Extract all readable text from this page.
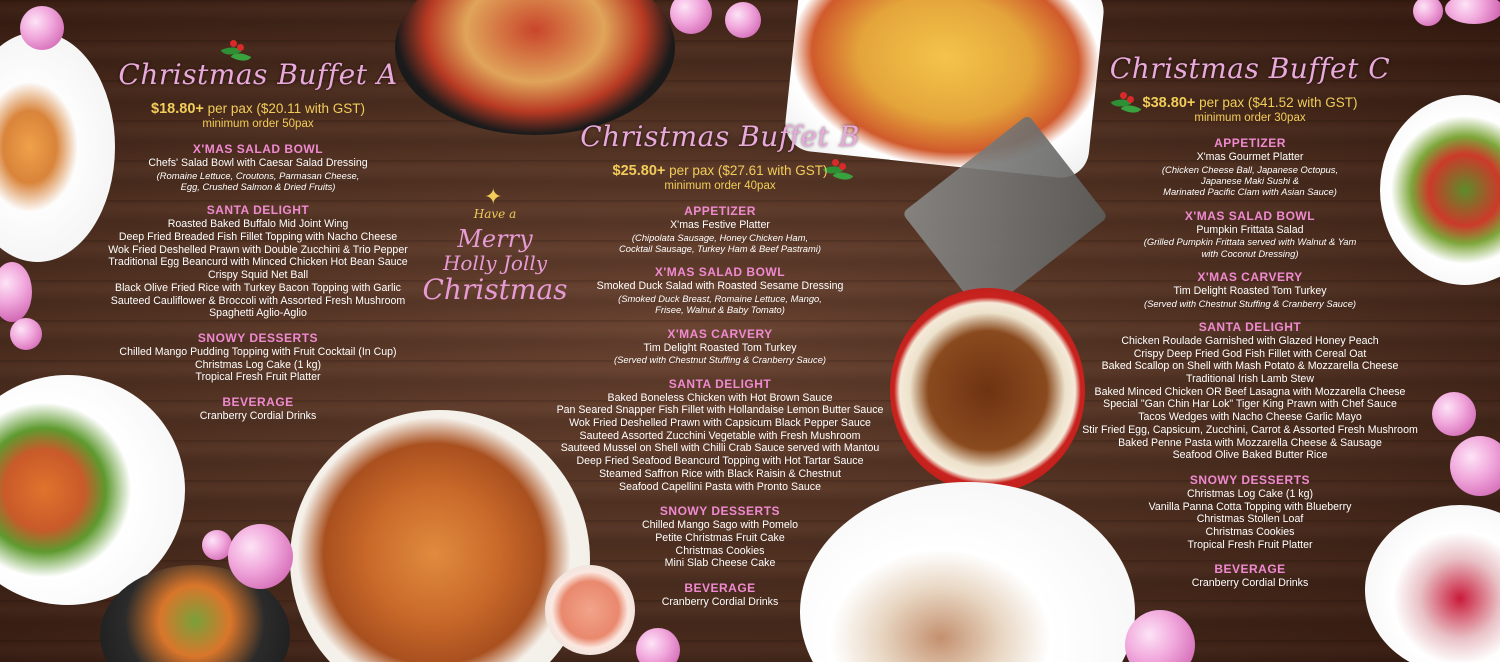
✦
Have a
Merry
Holly Jolly
Christmas
Christmas Buffet A
$18.80+ per pax ($20.11 with GST)
minimum order 50pax
X'MAS SALAD BOWL
Chefs' Salad Bowl with Caesar Salad Dressing
(Romaine Lettuce, Croutons, Parmasan Cheese,
Egg, Crushed Salmon & Dried Fruits)
SANTA DELIGHT
Roasted Baked Buffalo Mid Joint Wing
Deep Fried Breaded Fish Fillet Topping with Nacho Cheese
Wok Fried Deshelled Prawn with Double Zucchini & Trio Pepper
Traditional Egg Beancurd with Minced Chicken Hot Bean Sauce
Crispy Squid Net Ball
Black Olive Fried Rice with Turkey Bacon Topping with Garlic
Sauteed Cauliflower & Broccoli with Assorted Fresh Mushroom
Spaghetti Aglio-Aglio
SNOWY DESSERTS
Chilled Mango Pudding Topping with Fruit Cocktail (In Cup)
Christmas Log Cake (1 kg)
Tropical Fresh Fruit Platter
BEVERAGE
Cranberry Cordial Drinks
Christmas Buffet B
$25.80+ per pax ($27.61 with GST)
minimum order 40pax
APPETIZER
X'mas Festive Platter
(Chipolata Sausage, Honey Chicken Ham,
Cocktail Sausage, Turkey Ham & Beef Pastrami)
X'MAS SALAD BOWL
Smoked Duck Salad with Roasted Sesame Dressing
(Smoked Duck Breast, Romaine Lettuce, Mango,
Frisee, Walnut & Baby Tomato)
X'MAS CARVERY
Tim Delight Roasted Tom Turkey
(Served with Chestnut Stuffing & Cranberry Sauce)
SANTA DELIGHT
Baked Boneless Chicken with Hot Brown Sauce
Pan Seared Snapper Fish Fillet with Hollandaise Lemon Butter Sauce
Wok Fried Deshelled Prawn with Capsicum Black Pepper Sauce
Sauteed Assorted Zucchini Vegetable with Fresh Mushroom
Sauteed Mussel on Shell with Chilli Crab Sauce served with Mantou
Deep Fried Seafood Beancurd Topping with Hot Tartar Sauce
Steamed Saffron Rice with Black Raisin & Chestnut
Seafood Capellini Pasta with Pronto Sauce
SNOWY DESSERTS
Chilled Mango Sago with Pomelo
Petite Christmas Fruit Cake
Christmas Cookies
Mini Slab Cheese Cake
BEVERAGE
Cranberry Cordial Drinks
Christmas Buffet C
$38.80+ per pax ($41.52 with GST)
minimum order 30pax
APPETIZER
X'mas Gourmet Platter
(Chicken Cheese Ball, Japanese Octopus,
Japanese Maki Sushi &
Marinated Pacific Clam with Asian Sauce)
X'MAS SALAD BOWL
Pumpkin Frittata Salad
(Grilled Pumpkin Frittata served with Walnut & Yam
with Coconut Dressing)
X'MAS CARVERY
Tim Delight Roasted Tom Turkey
(Served with Chestnut Stuffing & Cranberry Sauce)
SANTA DELIGHT
Chicken Roulade Garnished with Glazed Honey Peach
Crispy Deep Fried God Fish Fillet with Cereal Oat
Baked Scallop on Shell with Mash Potato & Mozzarella Cheese
Traditional Irish Lamb Stew
Baked Minced Chicken OR Beef Lasagna with Mozzarella Cheese
Special "Gan Chin Har Lok" Tiger King Prawn with Chef Sauce
Tacos Wedges with Nacho Cheese Garlic Mayo
Stir Fried Egg, Capsicum, Zucchini, Carrot & Assorted Fresh Mushroom
Baked Penne Pasta with Mozzarella Cheese & Sausage
Seafood Olive Baked Butter Rice
SNOWY DESSERTS
Christmas Log Cake (1 kg)
Vanilla Panna Cotta Topping with Blueberry
Christmas Stollen Loaf
Christmas Cookies
Tropical Fresh Fruit Platter
BEVERAGE
Cranberry Cordial Drinks
